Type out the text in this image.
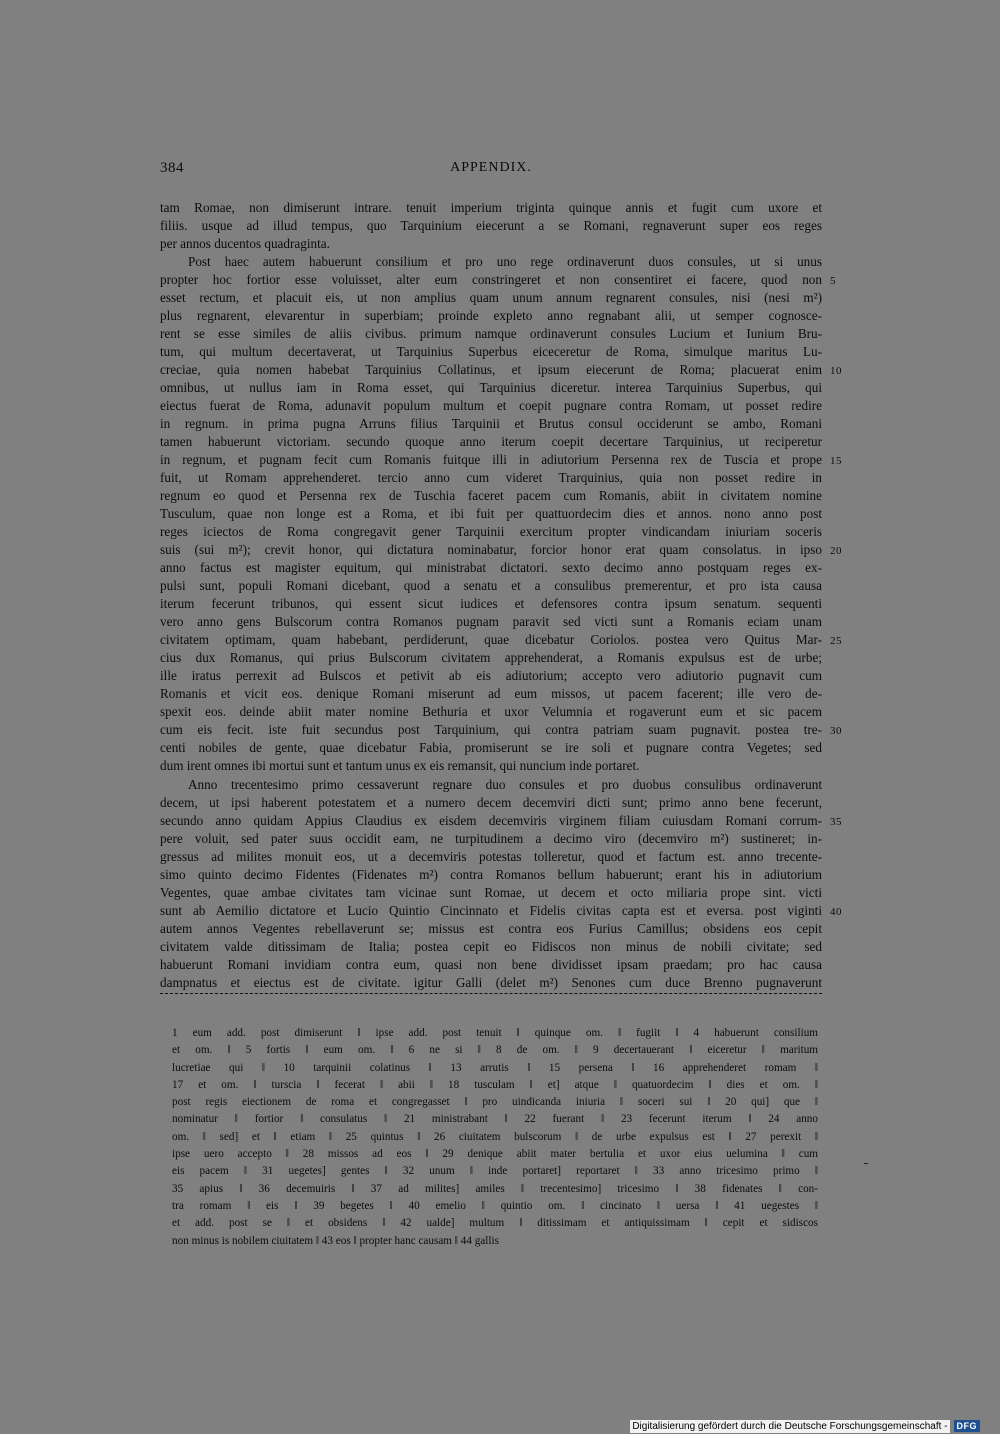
384	APPENDIX.
tam Romae, non dimiserunt intrare. tenuit imperium triginta quinque annis et fugit cum uxore et
filiis. usque ad illud tempus, quo Tarquinium eiecerunt a se Romani, regnaverunt super eos reges
per annos ducentos quadraginta.
Post haec autem habuerunt consilium et pro uno rege ordinaverunt duos consules, ut si unus
propter hoc fortior esse voluisset, alter eum constringeret et non consentiret ei facere, quod non 5
esset rectum, et placuit eis, ut non amplius quam unum annum regnarent consules, nisi (nesi m²)
plus regnarent, elevarentur in superbiam; proinde expleto anno regnabant alii, ut semper cognosce-
rent se esse similes de aliis civibus. primum namque ordinaverunt consules Lucium et Iunium Bru-
tum, qui multum decertaverat, ut Tarquinius Superbus eiceceretur de Roma, simulque maritus Lu-
creciae, quia nomen habebat Tarquinius Collatinus, et ipsum eiecerunt de Roma; placuerat enim 10
omnibus, ut nullus iam in Roma esset, qui Tarquinius diceretur. interea Tarquinius Superbus, qui
eiectus fuerat de Roma, adunavit populum multum et coepit pugnare contra Romam, ut posset redire
in regnum. in prima pugna Arruns filius Tarquinii et Brutus consul occiderunt se ambo, Romani
tamen habuerunt victoriam. secundo quoque anno iterum coepit decertare Tarquinius, ut reciperetur
in regnum, et pugnam fecit cum Romanis fuitque illi in adiutorium Persenna rex de Tuscia et prope 15
fuit, ut Romam apprehenderet. tercio anno cum videret Trarquinius, quia non posset redire in
regnum eo quod et Persenna rex de Tuschia faceret pacem cum Romanis, abiit in civitatem nomine
Tusculum, quae non longe est a Roma, et ibi fuit per quattuordecim dies et annos. nono anno post
reges iciectos de Roma congregavit gener Tarquinii exercitum propter vindicandam iniuriam soceris
suis (sui m²); crevit honor, qui dictatura nominabatur, forcior honor erat quam consolatus. in ipso 20
anno factus est magister equitum, qui ministrabat dictatori. sexto decimo anno postquam reges ex-
pulsi sunt, populi Romani dicebant, quod a senatu et a consulibus premerentur, et pro ista causa
iterum fecerunt tribunos, qui essent sicut iudices et defensores contra ipsum senatum. sequenti
vero anno gens Bulscorum contra Romanos pugnam paravit sed victi sunt a Romanis eciam unam
civitatem optimam, quam habebant, perdiderunt, quae dicebatur Coriolos. postea vero Quitus Mar- 25
cius dux Romanus, qui prius Bulscorum civitatem apprehenderat, a Romanis expulsus est de urbe;
ille iratus perrexit ad Bulscos et petivit ab eis adiutorium; accepto vero adiutorio pugnavit cum
Romanis et vicit eos. denique Romani miserunt ad eum missos, ut pacem facerent; ille vero de-
spexit eos. deinde abiit mater nomine Bethuria et uxor Velumnia et rogaverunt eum et sic pacem
cum eis fecit. iste fuit secundus post Tarquinium, qui contra patriam suam pugnavit. postea tre- 30
centi nobiles de gente, quae dicebatur Fabia, promiserunt se ire soli et pugnare contra Vegetes; sed
dum irent omnes ibi mortui sunt et tantum unus ex eis remansit, qui nuncium inde portaret.
Anno trecentesimo primo cessaverunt regnare duo consules et pro duobus consulibus ordinaverunt
decem, ut ipsi haberent potestatem et a numero decem decemviri dicti sunt; primo anno bene fecerunt,
secundo anno quidam Appius Claudius ex eisdem decemviris virginem filiam cuiusdam Romani corrum- 35
pere voluit, sed pater suus occidit eam, ne turpitudinem a decimo viro (decemviro m²) sustineret; in-
gressus ad milites monuit eos, ut a decemviris potestas tolleretur, quod et factum est. anno trecente-
simo quinto decimo Fidentes (Fidenates m²) contra Romanos bellum habuerunt; erant his in adiutorium
Vegentes, quae ambae civitates tam vicinae sunt Romae, ut decem et octo miliaria prope sint. victi
sunt ab Aemilio dictatore et Lucio Quintio Cincinnato et Fidelis civitas capta est et eversa. post viginti 40
autem annos Vegentes rebellaverunt se; missus est contra eos Furius Camillus; obsidens eos cepit
civitatem valde ditissimam de Italia; postea cepit eo Fidiscos non minus de nobili civitate; sed
habuerunt Romani invidiam contra eum, quasi non bene dividisset ipsam praedam; pro hac causa
dampnatus et eiectus est de civitate. igitur Galli (delet m²) Senones cum duce Brenno pugnaverunt
1 eum add. post dimiserunt ‖ ipse add. post tenuit ‖ quinque om. ‖ fugiit ‖ 4 habuerunt consilium
et om. ‖ 5 fortis ‖ eum om. ‖ 6 ne si ‖ 8 de om. ‖ 9 decertauerant ‖ eiceretur ‖ maritum
lucretiae qui ‖ 10 tarquinii colatinus ‖ 13 arrutis ‖ 15 persena ‖ 16 apprehenderet romam ‖
17 et om. ‖ turscia ‖ fecerat ‖ abii ‖ 18 tusculam ‖ et] atque ‖ quatuordecim ‖ dies et om. ‖
post regis eiectionem de roma et congregasset ‖ pro uindicanda iniuria ‖ soceri sui ‖ 20 qui] que ‖
nominatur ‖ fortior ‖ consulatus ‖ 21 ministrabant ‖ 22 fuerant ‖ 23 fecerunt iterum ‖ 24 anno
om. ‖ sed] et ‖ etiam ‖ 25 quintus ‖ 26 ciuitatem bulscorum ‖ de urbe expulsus est ‖ 27 perexit ‖
ipse uero accepto ‖ 28 missos ad eos ‖ 29 denique abiit mater bertulia et uxor eius uelumina ‖ cum
eis pacem ‖ 31 uegetes] gentes ‖ 32 unum ‖ inde portaret] reportaret ‖ 33 anno tricesimo primo ‖
35 apius ‖ 36 decemuiris ‖ 37 ad milites] amiles ‖ trecentesimo] tricesimo ‖ 38 fidenates ‖ con-
tra romam ‖ eis ‖ 39 begetes ‖ 40 emelio ‖ quintio om. ‖ cincinato ‖ uersa ‖ 41 uegestes ‖
et add. post se ‖ et obsidens ‖ 42 ualde] multum ‖ ditissimam et antiquissimam ‖ cepit et sidiscos
non minus is nobilem ciuitatem ‖ 43 eos ‖ propter hanc causam ‖ 44 gallis
Digitalisierung gefördert durch die Deutsche Forschungsgemeinschaft -	DFG
